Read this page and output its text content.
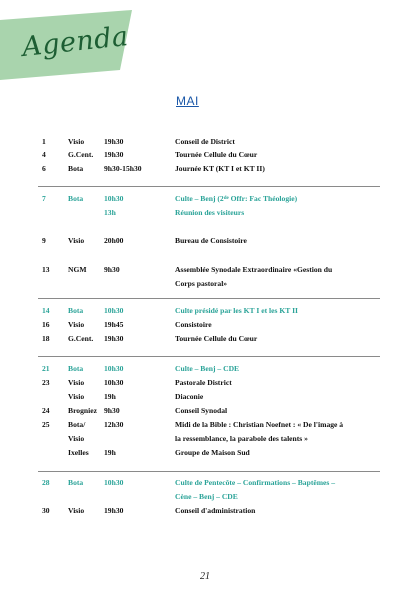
Agenda
MAI
1	Visio	19h30	Conseil de District
4	G.Cent. 19h30	Tournée Cellule du Cœur
6	Bota	9h30-15h30	Journée KT (KT I et KT II)
7	Bota	10h30	Culte – Benj (2de Offr: Fac Théologie)
13h	Réunion des visiteurs
9	Visio	20h00	Bureau de Consistoire
13 NGM 9h30	Assemblée Synodale Extraordinaire «Gestion du
Corps pastoral»
14 Bota	10h30	Culte présidé par les KT I et les KT II
16 Visio	19h45	Consistoire
18 G.Cent. 19h30	Tournée Cellule du Cœur
21 Bota	10h30	Culte – Benj – CDE
23 Visio	10h30	Pastorale District
Visio	19h	Diaconie
24 Brogniez 9h30	Conseil Synodal
25 Bota/ 12h30	Midi de la Bible : Christian Noefnet : « De l'image à
Visio	la ressemblance, la parabole des talents »
Ixelles 19h	Groupe de Maison Sud
28 Bota	10h30	Culte de Pentecôte – Confirmations – Baptêmes –
Cène – Benj – CDE
30 Visio	19h30	Conseil d'administration
21
